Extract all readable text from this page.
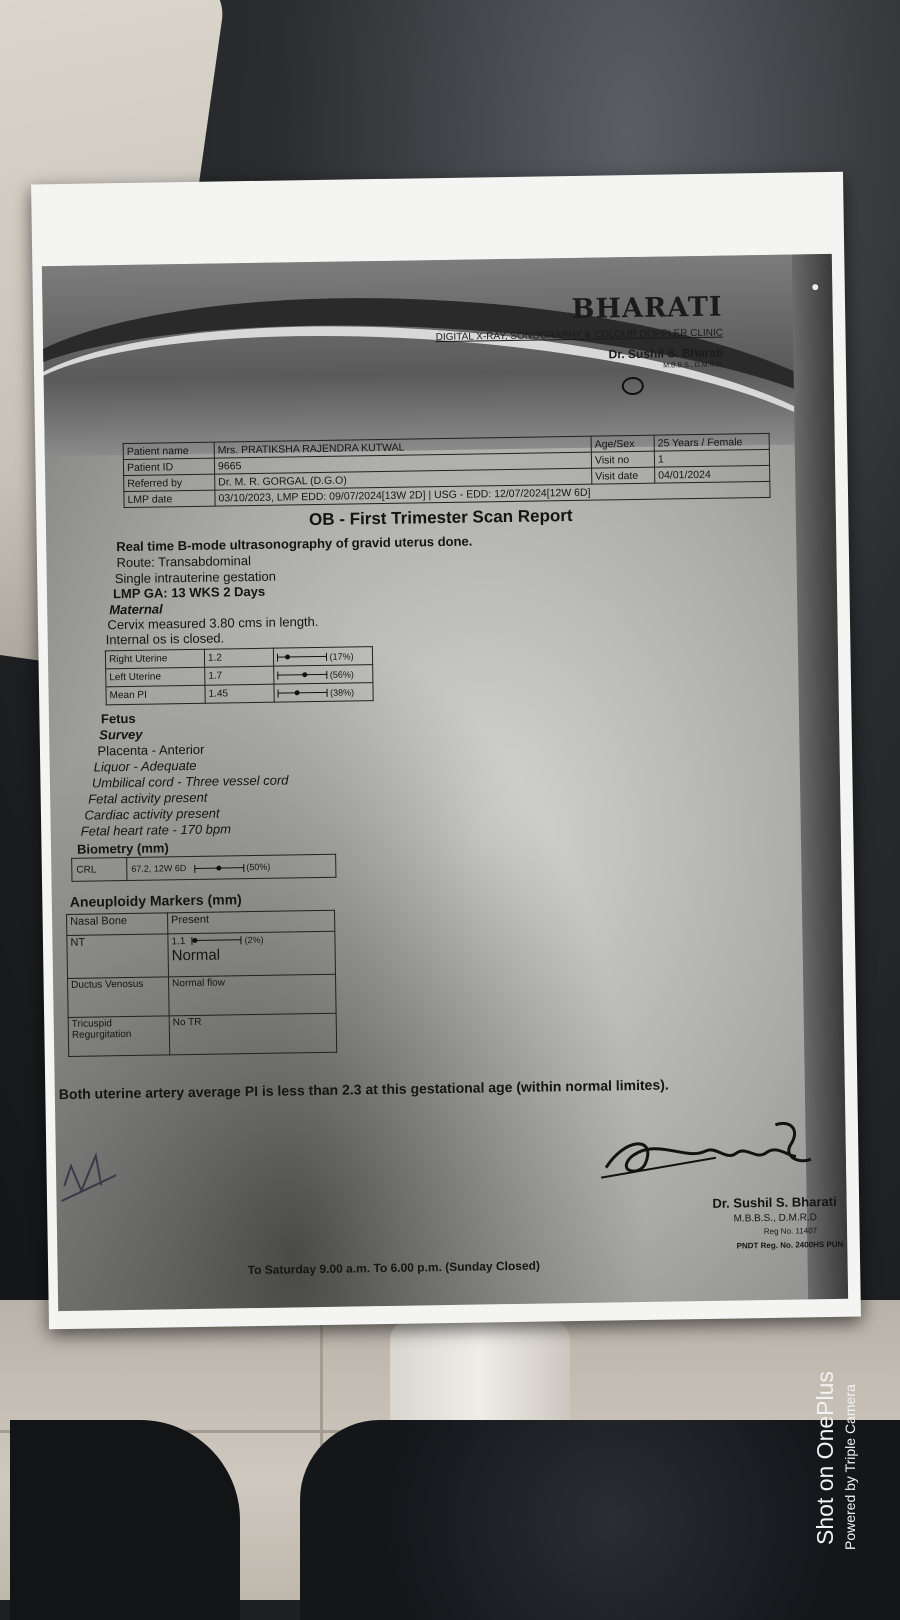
BHARATI
DIGITAL X-RAY, SONOGRAPHY & COLOUR DOPPLER CLINIC
Dr. Sushil S. Bharati
M.B.B.S., D.M.R.D.
Patient name	Mrs. PRATIKSHA RAJENDRA KUTWAL	Age/Sex	25 Years / Female
Patient ID	9665	Visit no	1
Referred by	Dr. M. R. GORGAL (D.G.O)	Visit date	04/01/2024
LMP date	03/10/2023, LMP EDD: 09/07/2024[13W 2D] | USG - EDD: 12/07/2024[12W 6D]		
OB - First Trimester Scan Report
Real time B-mode ultrasonography of gravid uterus done.
Route: Transabdominal
Single intrauterine gestation
LMP GA: 13 WKS 2 Days
Maternal
Cervix measured 3.80 cms in length.
Internal os is closed.
Right Uterine	1.2	(17%)
Left Uterine	1.7	(56%)
Mean PI	1.45	(38%)
Fetus
Survey
Placenta - Anterior
Liquor - Adequate
Umbilical cord - Three vessel cord
Fetal activity present
Cardiac activity present
Fetal heart rate - 170 bpm
Biometry (mm)
CRL	67.2, 12W 6D	(50%)
Aneuploidy Markers (mm)
Nasal Bone	Present
NT	1.1 (2%)
Normal
Ductus Venosus	Normal flow
Tricuspid Regurgitation	No TR
Both uterine artery average PI is less than 2.3 at this gestational age (within normal limites).
Dr. Sushil S. Bharati
M.B.B.S., D.M.R.D
Reg No. 11407
PNDT Reg. No. 2400HS PUN
To Saturday 9.00 a.m. To 6.00 p.m. (Sunday Closed)
Shot on OnePlus Powered by Triple Camera
